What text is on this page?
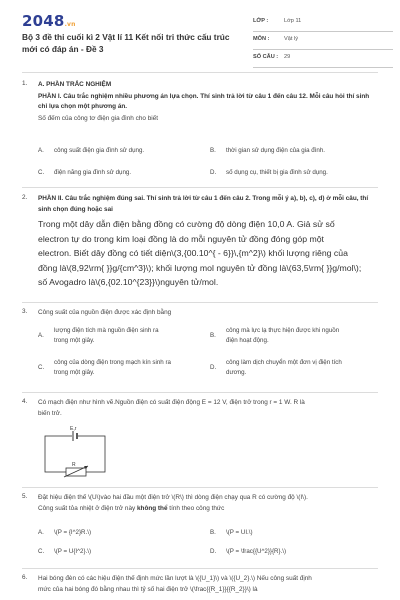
2048.vn
Bộ 3 đề thi cuối kì 2 Vật lí 11 Kết nối tri thức cấu trúc mới có đáp án - Đề 3
LỚP :	Lớp 11
MÔN :	Vật lý
SỐ CÂU : 29
1. A. PHẦN TRẮC NGHIỆM
PHẦN I. Câu trắc nghiệm nhiều phương án lựa chọn. Thí sinh trả lời từ câu 1 đến câu 12. Mỗi câu hỏi thí sinh chỉ lựa chọn một phương án.
Số đếm của công tơ điện gia đình cho biết
A. công suất điện gia đình sử dụng.	B. thời gian sử dụng điện của gia đình.
C. điện năng gia đình sử dụng.	D. số dụng cụ, thiết bị gia đình sử dụng.
2. PHẦN II. Câu trắc nghiệm đúng sai. Thí sinh trả lời từ câu 1 đến câu 2. Trong mỗi ý a), b), c), d) ở mỗi câu, thí sinh chọn đúng hoặc sai
Trong một dây dẫn điện bằng đồng có cường độ dòng điện 10,0 A. Giả sử số
electron tự do trong kim loại đồng là do mỗi nguyên tử đồng đóng góp một
electron. Biết dây đồng có tiết diện\(3,{00.10^{ - 6}}\,{m^2}\) khối lượng riêng của
đồng là\(8,92\rm{ }}g/{cm^3}\); khối lượng mol nguyên tử đồng là\(63,5\rm{ }}g/mol\);
số Avogadro là\(6,{02.10^{23}}\)nguyên tử/mol.
3. Công suất của nguồn điện được xác định bằng
A.
lượng điện tích mà nguồn điện sinh ra
trong một giây.
B.
công mà lực lạ thực hiện được khi nguồn
điện hoạt động.
C.
công của dòng điện trong mạch kín sinh ra
trong một giây.
D.
công làm dịch chuyển một đơn vị điện tích
dương.
4. Có mạch điện như hình vẽ.Nguồn điện có suất điện động E = 12 V, điện trở trong r = 1 W. R là
biến trở.
E,r
R
5. Đặt hiệu điện thế \(U\)vào hai đầu một điện trở \(R\) thì dòng điện chạy qua R có cường độ \(I\).
Công suất tỏa nhiệt ở điện trở này không thể tính theo công thức
A. \(P = {I^2}R.\)	B. \(P = UI.\)
C. \(P = U{I^2}.\)	D. \(P = \frac{{U^2}}{R}.\)
6. Hai bóng đèn có các hiệu điện thế định mức lần lượt là \({U_1}\) và \({U_2}.\) Nếu công suất định
mức của hai bóng đó bằng nhau thì tỷ số hai điện trở \(\frac{{R_1}}{{R_2}}\) là
